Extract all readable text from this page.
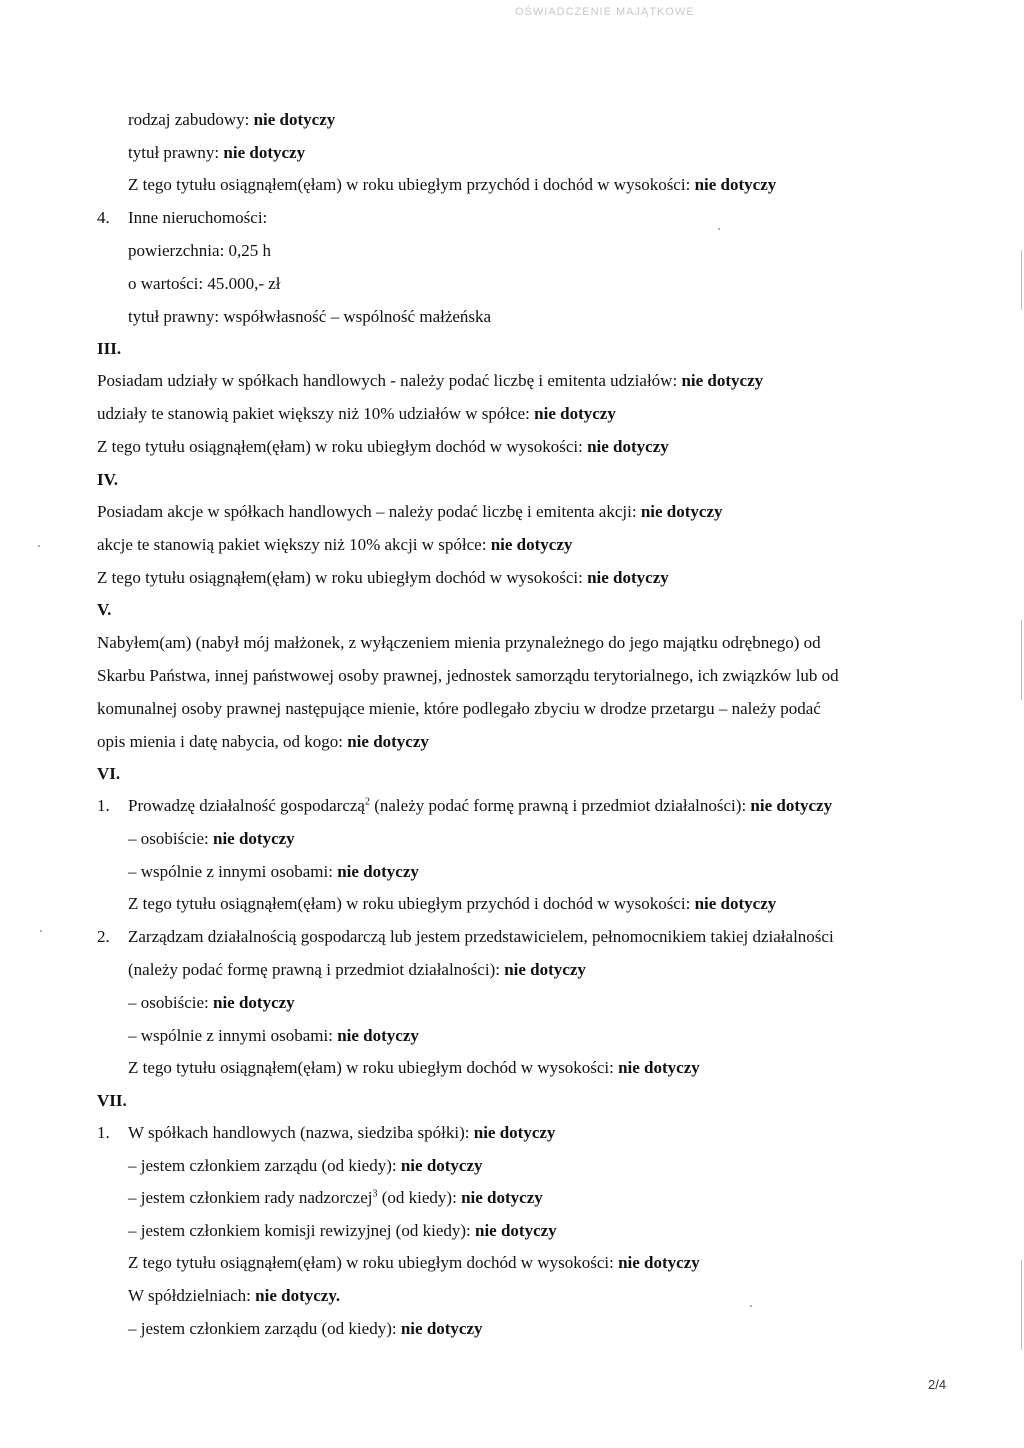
OŚWIADCZENIE MAJĄTKOWE
rodzaj zabudowy: nie dotyczy
tytuł prawny: nie dotyczy
Z tego tytułu osiągnąłem(ęłam) w roku ubiegłym przychód i dochód w wysokości: nie dotyczy
4. Inne nieruchomości:
powierzchnia: 0,25 h
o wartości: 45.000,- zł
tytuł prawny: współwłasność – wspólność małżeńska
III.
Posiadam udziały w spółkach handlowych - należy podać liczbę i emitenta udziałów: nie dotyczy
udziały te stanowią pakiet większy niż 10% udziałów w spółce: nie dotyczy
Z tego tytułu osiągnąłem(ęłam) w roku ubiegłym dochód w wysokości: nie dotyczy
IV.
Posiadam akcje w spółkach handlowych – należy podać liczbę i emitenta akcji: nie dotyczy
akcje te stanowią pakiet większy niż 10% akcji w spółce: nie dotyczy
Z tego tytułu osiągnąłem(ęłam) w roku ubiegłym dochód w wysokości: nie dotyczy
V.
Nabyłem(am) (nabył mój małżonek, z wyłączeniem mienia przynależnego do jego majątku odrębnego) od
Skarbu Państwa, innej państwowej osoby prawnej, jednostek samorządu terytorialnego, ich związków lub od
komunalnej osoby prawnej następujące mienie, które podlegało zbyciu w drodze przetargu – należy podać
opis mienia i datę nabycia, od kogo: nie dotyczy
VI.
1. Prowadzę działalność gospodarczą$^2$ (należy podać formę prawną i przedmiot działalności): nie dotyczy
– osobiście: nie dotyczy
– wspólnie z innymi osobami: nie dotyczy
Z tego tytułu osiągnąłem(ęłam) w roku ubiegłym przychód i dochód w wysokości: nie dotyczy
2. Zarządzam działalnością gospodarczą lub jestem przedstawicielem, pełnomocnikiem takiej działalności
(należy podać formę prawną i przedmiot działalności): nie dotyczy
– osobiście: nie dotyczy
– wspólnie z innymi osobami: nie dotyczy
Z tego tytułu osiągnąłem(ęłam) w roku ubiegłym dochód w wysokości: nie dotyczy
VII.
1. W spółkach handlowych (nazwa, siedziba spółki): nie dotyczy
– jestem członkiem zarządu (od kiedy): nie dotyczy
– jestem członkiem rady nadzorczej$^3$ (od kiedy): nie dotyczy
– jestem członkiem komisji rewizyjnej (od kiedy): nie dotyczy
Z tego tytułu osiągnąłem(ęłam) w roku ubiegłym dochód w wysokości: nie dotyczy
W spółdzielniach: nie dotyczy.
– jestem członkiem zarządu (od kiedy): nie dotyczy
2/4
